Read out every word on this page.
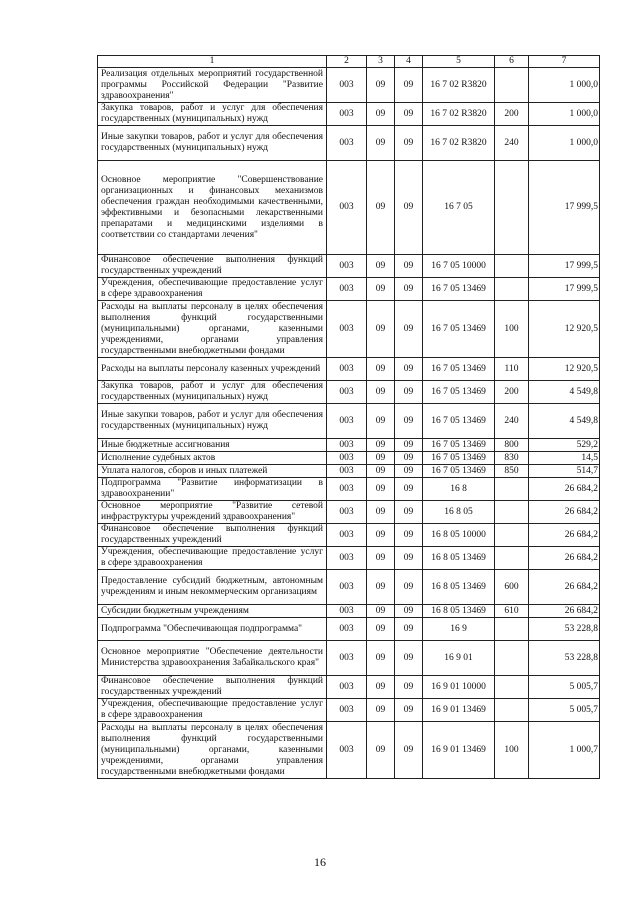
1	2	3	4	5	6	7
Реализация отдельных мероприятий государственной программы Российской Федерации "Развитие здравоохранения"	003	09	09	16 7 02 R3820		1 000,0
Закупка товаров, работ и услуг для обеспечения государственных (муниципальных) нужд	003	09	09	16 7 02 R3820	200	1 000,0
Иные закупки товаров, работ и услуг для обеспечения государственных (муниципальных) нужд	003	09	09	16 7 02 R3820	240	1 000,0
Основное мероприятие "Совершенствование организационных и финансовых механизмов обеспечения граждан необходимыми качественными, эффективными и безопасными лекарственными препаратами и медицинскими изделиями в соответствии со стандартами лечения"	003	09	09	16 7 05		17 999,5
Финансовое обеспечение выполнения функций государственных учреждений	003	09	09	16 7 05 10000		17 999,5
Учреждения, обеспечивающие предоставление услуг в сфере здравоохранения	003	09	09	16 7 05 13469		17 999,5
Расходы на выплаты персоналу в целях обеспечения выполнения функций государственными (муниципальными) органами, казенными учреждениями, органами управления государственными внебюджетными фондами	003	09	09	16 7 05 13469	100	12 920,5
Расходы на выплаты персоналу казенных учреждений	003	09	09	16 7 05 13469	110	12 920,5
Закупка товаров, работ и услуг для обеспечения государственных (муниципальных) нужд	003	09	09	16 7 05 13469	200	4 549,8
Иные закупки товаров, работ и услуг для обеспечения государственных (муниципальных) нужд	003	09	09	16 7 05 13469	240	4 549,8
Иные бюджетные ассигнования	003	09	09	16 7 05 13469	800	529,2
Исполнение судебных актов	003	09	09	16 7 05 13469	830	14,5
Уплата налогов, сборов и иных платежей	003	09	09	16 7 05 13469	850	514,7
Подпрограмма "Развитие информатизации в здравоохранении"	003	09	09	16 8		26 684,2
Основное мероприятие "Развитие сетевой инфраструктуры учреждений здравоохранения"	003	09	09	16 8 05		26 684,2
Финансовое обеспечение выполнения функций государственных учреждений	003	09	09	16 8 05 10000		26 684,2
Учреждения, обеспечивающие предоставление услуг в сфере здравоохранения	003	09	09	16 8 05 13469		26 684,2
Предоставление субсидий бюджетным, автономным учреждениям и иным некоммерческим организациям	003	09	09	16 8 05 13469	600	26 684,2
Субсидии бюджетным учреждениям	003	09	09	16 8 05 13469	610	26 684,2
Подпрограмма "Обеспечивающая подпрограмма"	003	09	09	16 9		53 228,8
Основное мероприятие "Обеспечение деятельности Министерства здравоохранения Забайкальского края"	003	09	09	16 9 01		53 228,8
Финансовое обеспечение выполнения функций государственных учреждений	003	09	09	16 9 01 10000		5 005,7
Учреждения, обеспечивающие предоставление услуг в сфере здравоохранения	003	09	09	16 9 01 13469		5 005,7
Расходы на выплаты персоналу в целях обеспечения выполнения функций государственными (муниципальными) органами, казенными учреждениями, органами управления государственными внебюджетными фондами	003	09	09	16 9 01 13469	100	1 000,7
16
